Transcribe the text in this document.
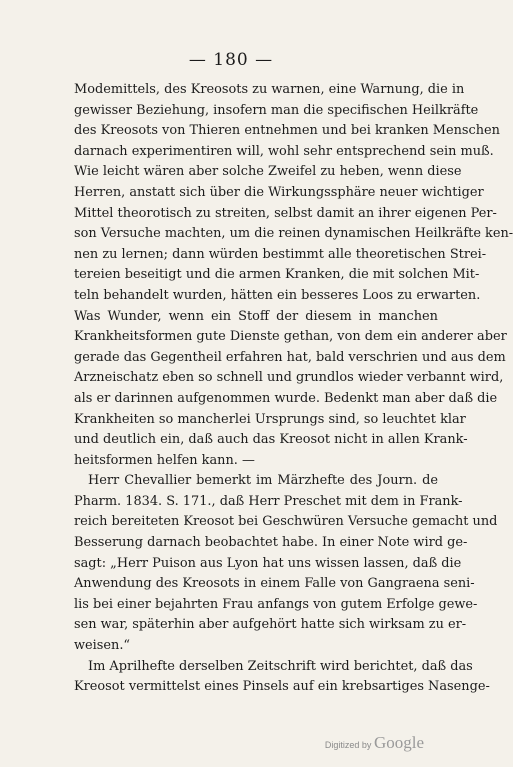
— 180 —
Modemittels, des Kreosots zu warnen, eine Warnung, die in
gewisser Beziehung, insofern man die specifischen Heilkräfte
des Kreosots von Thieren entnehmen und bei kranken Menschen
darnach experimentiren will, wohl sehr entsprechend sein muß.
Wie leicht wären aber solche Zweifel zu heben, wenn diese
Herren, anstatt sich über die Wirkungssphäre neuer wichtiger
Mittel theorotisch zu streiten, selbst damit an ihrer eigenen Per-
son Versuche machten, um die reinen dynamischen Heilkräfte ken-
nen zu lernen; dann würden bestimmt alle theoretischen Strei-
tereien beseitigt und die armen Kranken, die mit solchen Mit-
teln behandelt wurden, hätten ein besseres Loos zu erwarten.
Was Wunder, wenn ein Stoff der diesem in manchen
Krankheitsformen gute Dienste gethan, von dem ein anderer aber
gerade das Gegentheil erfahren hat, bald verschrien und aus dem
Arzneischatz eben so schnell und grundlos wieder verbannt wird,
als er darinnen aufgenommen wurde. Bedenkt man aber daß die
Krankheiten so mancherlei Ursprungs sind, so leuchtet klar
und deutlich ein, daß auch das Kreosot nicht in allen Krank-
heitsformen helfen kann. —
Herr Chevallier bemerkt im Märzhefte des Journ. de
Pharm. 1834. S. 171., daß Herr Preschet mit dem in Frank-
reich bereiteten Kreosot bei Geschwüren Versuche gemacht und
Besserung darnach beobachtet habe. In einer Note wird ge-
sagt: „Herr Puison aus Lyon hat uns wissen lassen, daß die
Anwendung des Kreosots in einem Falle von Gangraena seni-
lis bei einer bejahrten Frau anfangs von gutem Erfolge gewe-
sen war, späterhin aber aufgehört hatte sich wirksam zu er-
weisen.“
Im Aprilhefte derselben Zeitschrift wird berichtet, daß das
Kreosot vermittelst eines Pinsels auf ein krebsartiges Nasenge-
Digitized by Google
